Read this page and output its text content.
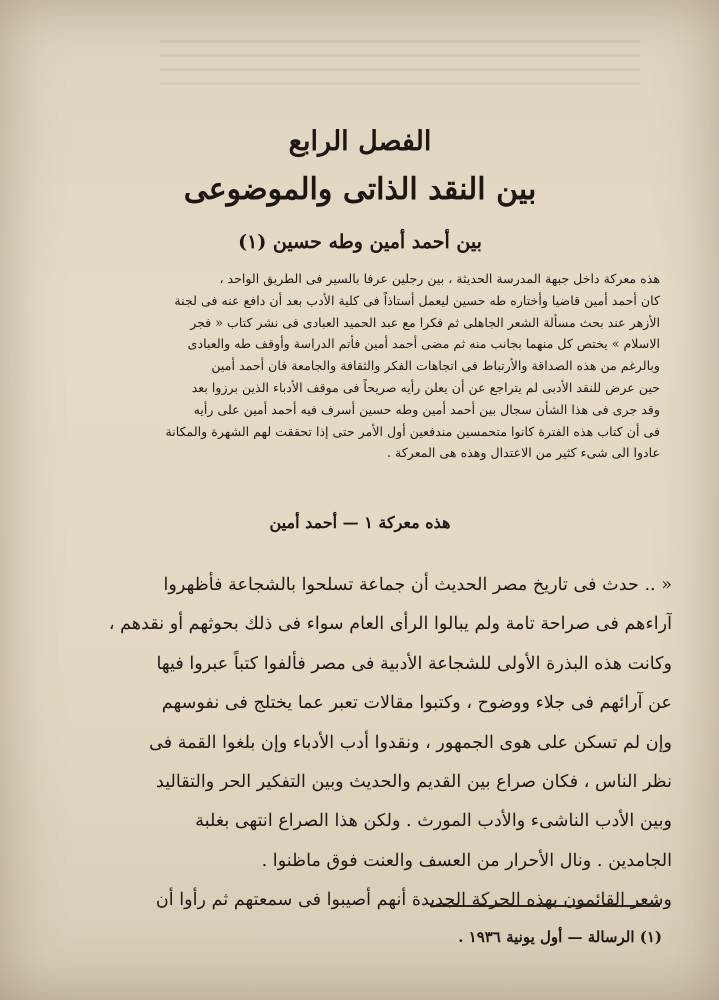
الفصل الرابع
بين النقد الذاتى والموضوعى
بين أحمد أمين وطه حسين (١)

هذه معركة داخل جبهة المدرسة الحديثة ، بين رجلين عرفا بالسير فى الطريق الواحد ،

كان أحمد أمين قاضيا وأختاره طه حسين ليعمل أستاذاً فى كلية الأدب بعد أن دافع عنه فى لجنة

الأزهر عند بحث مسألة الشعر الجاهلى ثم فكرا مع عبد الحميد العبادى فى نشر كتاب « فجر

الاسلام » يختص كل منهما بجانب منه ثم مضى أحمد أمين فأتم الدراسة وأوقف طه والعبادى

وبالرغم من هذه الصداقة والأرتباط فى اتجاهات الفكر والثقافة والجامعة فان أحمد أمين

حين عرض للنقد الأدبى لم يتراجع عن أن يعلن رأيه صريحاً فى موقف الأدباء الذين برزوا بعد

وقد جرى فى هذا الشأن سجال بين أحمد أمين وطه حسين أسرف فيه أحمد أمين على رأيه

فى أن كتاب هذه الفترة كانوا متحمسين مندفعين أول الأمر حتى إذا تحققت لهم الشهرة والمكانة

عادوا الى شىء كثير من الاعتدال وهذه هى المعركة .

هذه معركة ١ — أحمد أمين

« .. حدث فى تاريخ مصر الحديث أن جماعة تسلحوا بالشجاعة فأظهروا

آراءهم فى صراحة تامة ولم يبالوا الرأى العام سواء فى ذلك بحوثهم أو نقدهم ،

وكانت هذه البذرة الأولى للشجاعة الأدبية فى مصر فألفوا كتباً عبروا فيها

عن آرائهم فى جلاء ووضوح ، وكتبوا مقالات تعبر عما يختلج فى نفوسهم

وإن لم تسكن على هوى الجمهور ، ونقدوا أدب الأدباء وإن بلغوا القمة فى

نظر الناس ، فكان صراع بين القديم والحديث وبين التفكير الحر والتقاليد

وبين الأدب الناشىء والأدب المورث . ولكن هذا الصراع انتهى بغلبة

الجامدين . ونال الأحرار من العسف والعنت فوق ماظنوا .

وشعر القائمون بهذه الحركة الجديدة أنهم أصيبوا فى سمعتهم ثم رأوا أن

(١) الرسالة — أول يونية ١٩٣٦ .
